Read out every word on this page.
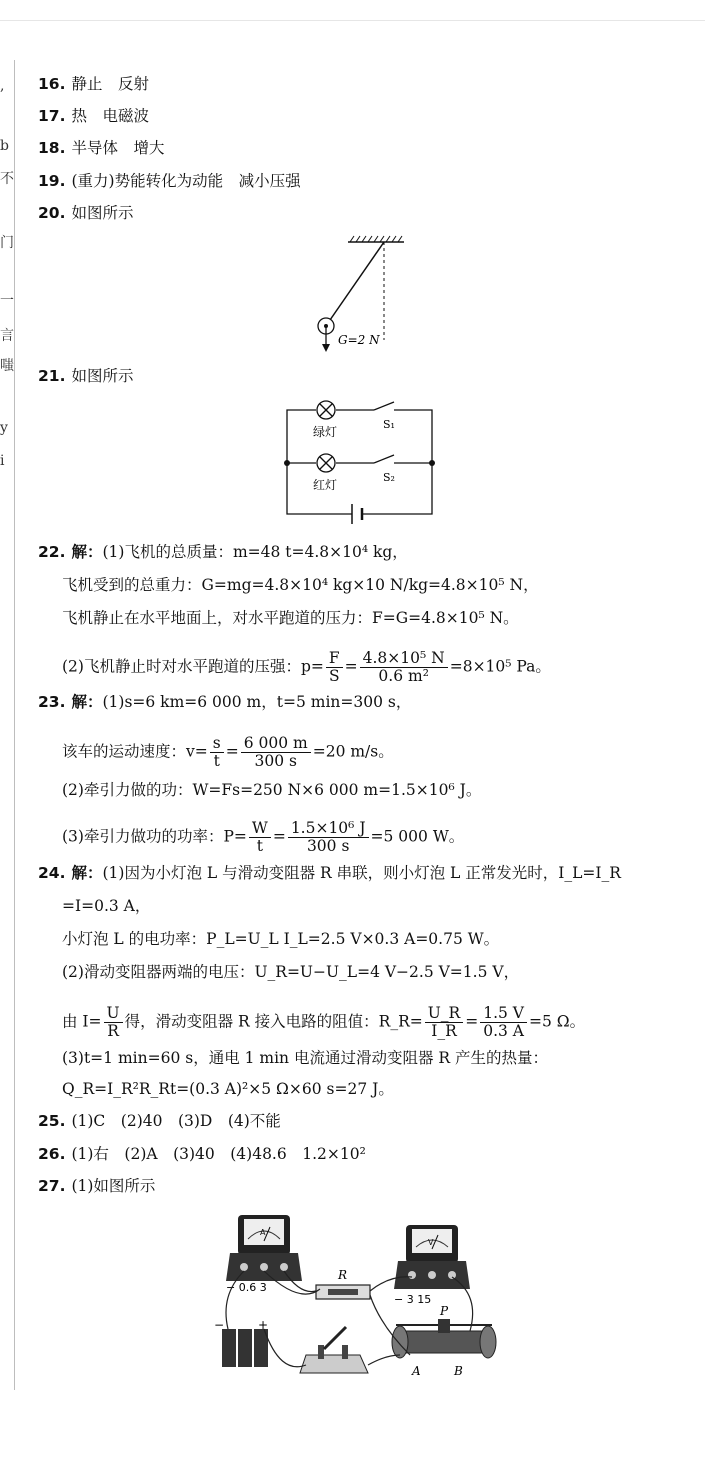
,
b
不
门
一
言
嗤
y
i
16. 静止　反射
17. 热　电磁波
18. 半导体　增大
19. (重力)势能转化为动能　减小压强
20. 如图所示
G=2 N
21. 如图所示
绿灯
红灯
S₁
S₂
22. 解：(1)飞机的总质量：m=48 t=4.8×10⁴ kg，
飞机受到的总重力：G=mg=4.8×10⁴ kg×10 N/kg=4.8×10⁵ N，
飞机静止在水平地面上，对水平跑道的压力：F=G=4.8×10⁵ N。
(2)飞机静止时对水平跑道的压强：$p= \frac{F}{S} = \frac{\text{4.8×10⁵ N}}{\text{0.6 m²}} =8\times 10^5$ Pa。
23. 解：(1)s=6 km=6 000 m，t=5 min=300 s，
该车的运动速度：$v= \frac{s}{t} = \frac{6 000 m}{300 s} =20$ m/s。
(2)牵引力做的功：W=Fs=250 N×6 000 m=1.5×10⁶ J。
(3)牵引力做功的功率：$P= \frac{W}{t} = \frac{\text{1.5×10⁶ J}}{300 s} =5$ 000 W。
24. 解：(1)因为小灯泡 L 与滑动变阻器 R 串联，则小灯泡 L 正常发光时，I_L=I_R
=I=0.3 A，
小灯泡 L 的电功率：P_L=U_L I_L=2.5 V×0.3 A=0.75 W。
(2)滑动变阻器两端的电压：U_R=U−U_L=4 V−2.5 V=1.5 V，
由 $I= \frac{U}{R}$ 得，滑动变阻器 R 接入电路的阻值：R_R= $\frac{U\_R}{I\_R} = \frac{1.5 V}{0.3 A} =5$ Ω。
(3)t=1 min=60 s，通电 1 min 电流通过滑动变阻器 R 产生的热量：
Q_R=I_R²R_Rt=(0.3 A)²×5 Ω×60 s=27 J。
25. (1)C　(2)40　(3)D　(4)不能
26. (1)右　(2)A　(3)40　(4)48.6　1.2×10²
27. (1)如图所示
A
− 0.6 3
V
− 3 15
R
−	+
P
A	B
